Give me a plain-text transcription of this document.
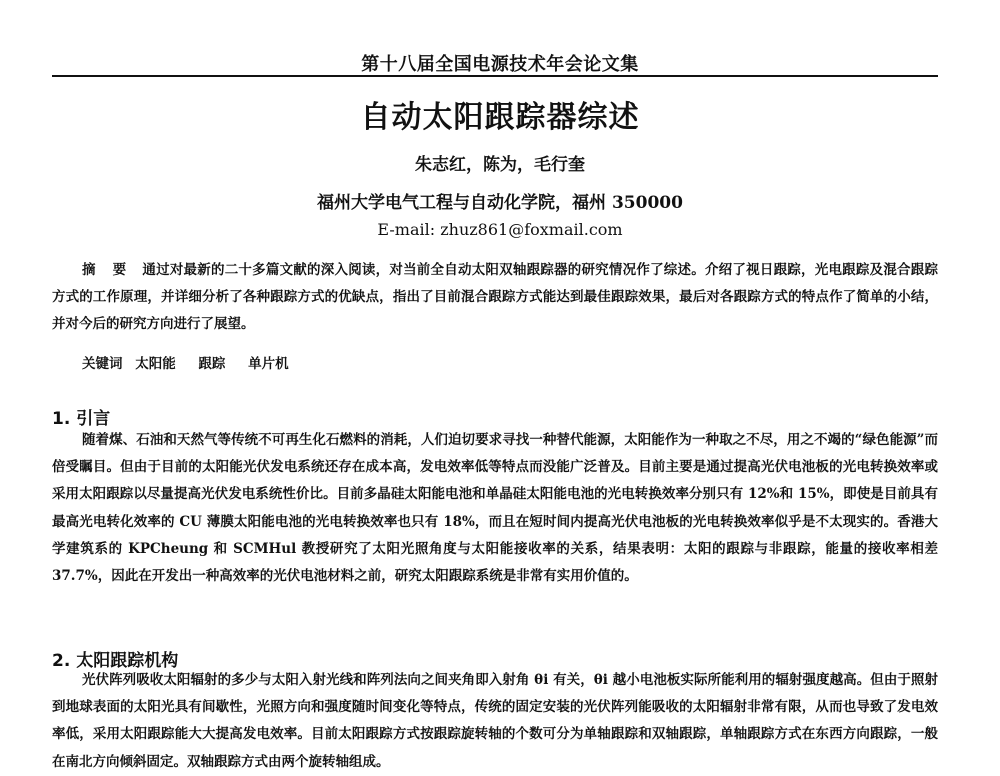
第十八届全国电源技术年会论文集
自动太阳跟踪器综述
朱志红，陈为，毛行奎
福州大学电气工程与自动化学院，福州 350000
E-mail: zhuz861@foxmail.com
摘 要 通过对最新的二十多篇文献的深入阅读，对当前全自动太阳双轴跟踪器的研究情况作了综述。介绍了视日跟踪，光电跟踪及混合跟踪方式的工作原理，并详细分析了各种跟踪方式的优缺点，指出了目前混合跟踪方式能达到最佳跟踪效果，最后对各跟踪方式的特点作了简单的小结，并对今后的研究方向进行了展望。
关键词 太阳能 跟踪 单片机
1. 引言
随着煤、石油和天然气等传统不可再生化石燃料的消耗，人们迫切要求寻找一种替代能源，太阳能作为一种取之不尽，用之不竭的“绿色能源”而倍受瞩目。但由于目前的太阳能光伏发电系统还存在成本高，发电效率低等特点而没能广泛普及。目前主要是通过提高光伏电池板的光电转换效率或采用太阳跟踪以尽量提高光伏发电系统性价比。目前多晶硅太阳能电池和单晶硅太阳能电池的光电转换效率分别只有 12%和 15%，即使是目前具有最高光电转化效率的 CU 薄膜太阳能电池的光电转换效率也只有 18%，而且在短时间内提高光伏电池板的光电转换效率似乎是不太现实的。香港大学建筑系的 KPCheung 和 SCMHul 教授研究了太阳光照角度与太阳能接收率的关系，结果表明：太阳的跟踪与非跟踪，能量的接收率相差 37.7%，因此在开发出一种高效率的光伏电池材料之前，研究太阳跟踪系统是非常有实用价值的。
2. 太阳跟踪机构
光伏阵列吸收太阳辐射的多少与太阳入射光线和阵列法向之间夹角即入射角 θi 有关，θi 越小电池板实际所能利用的辐射强度越高。但由于照射到地球表面的太阳光具有间歇性，光照方向和强度随时间变化等特点，传统的固定安装的光伏阵列能吸收的太阳辐射非常有限，从而也导致了发电效率低，采用太阳跟踪能大大提高发电效率。目前太阳跟踪方式按跟踪旋转轴的个数可分为单轴跟踪和双轴跟踪，单轴跟踪方式在东西方向跟踪，一般在南北方向倾斜固定。双轴跟踪方式由两个旋转轴组成。
